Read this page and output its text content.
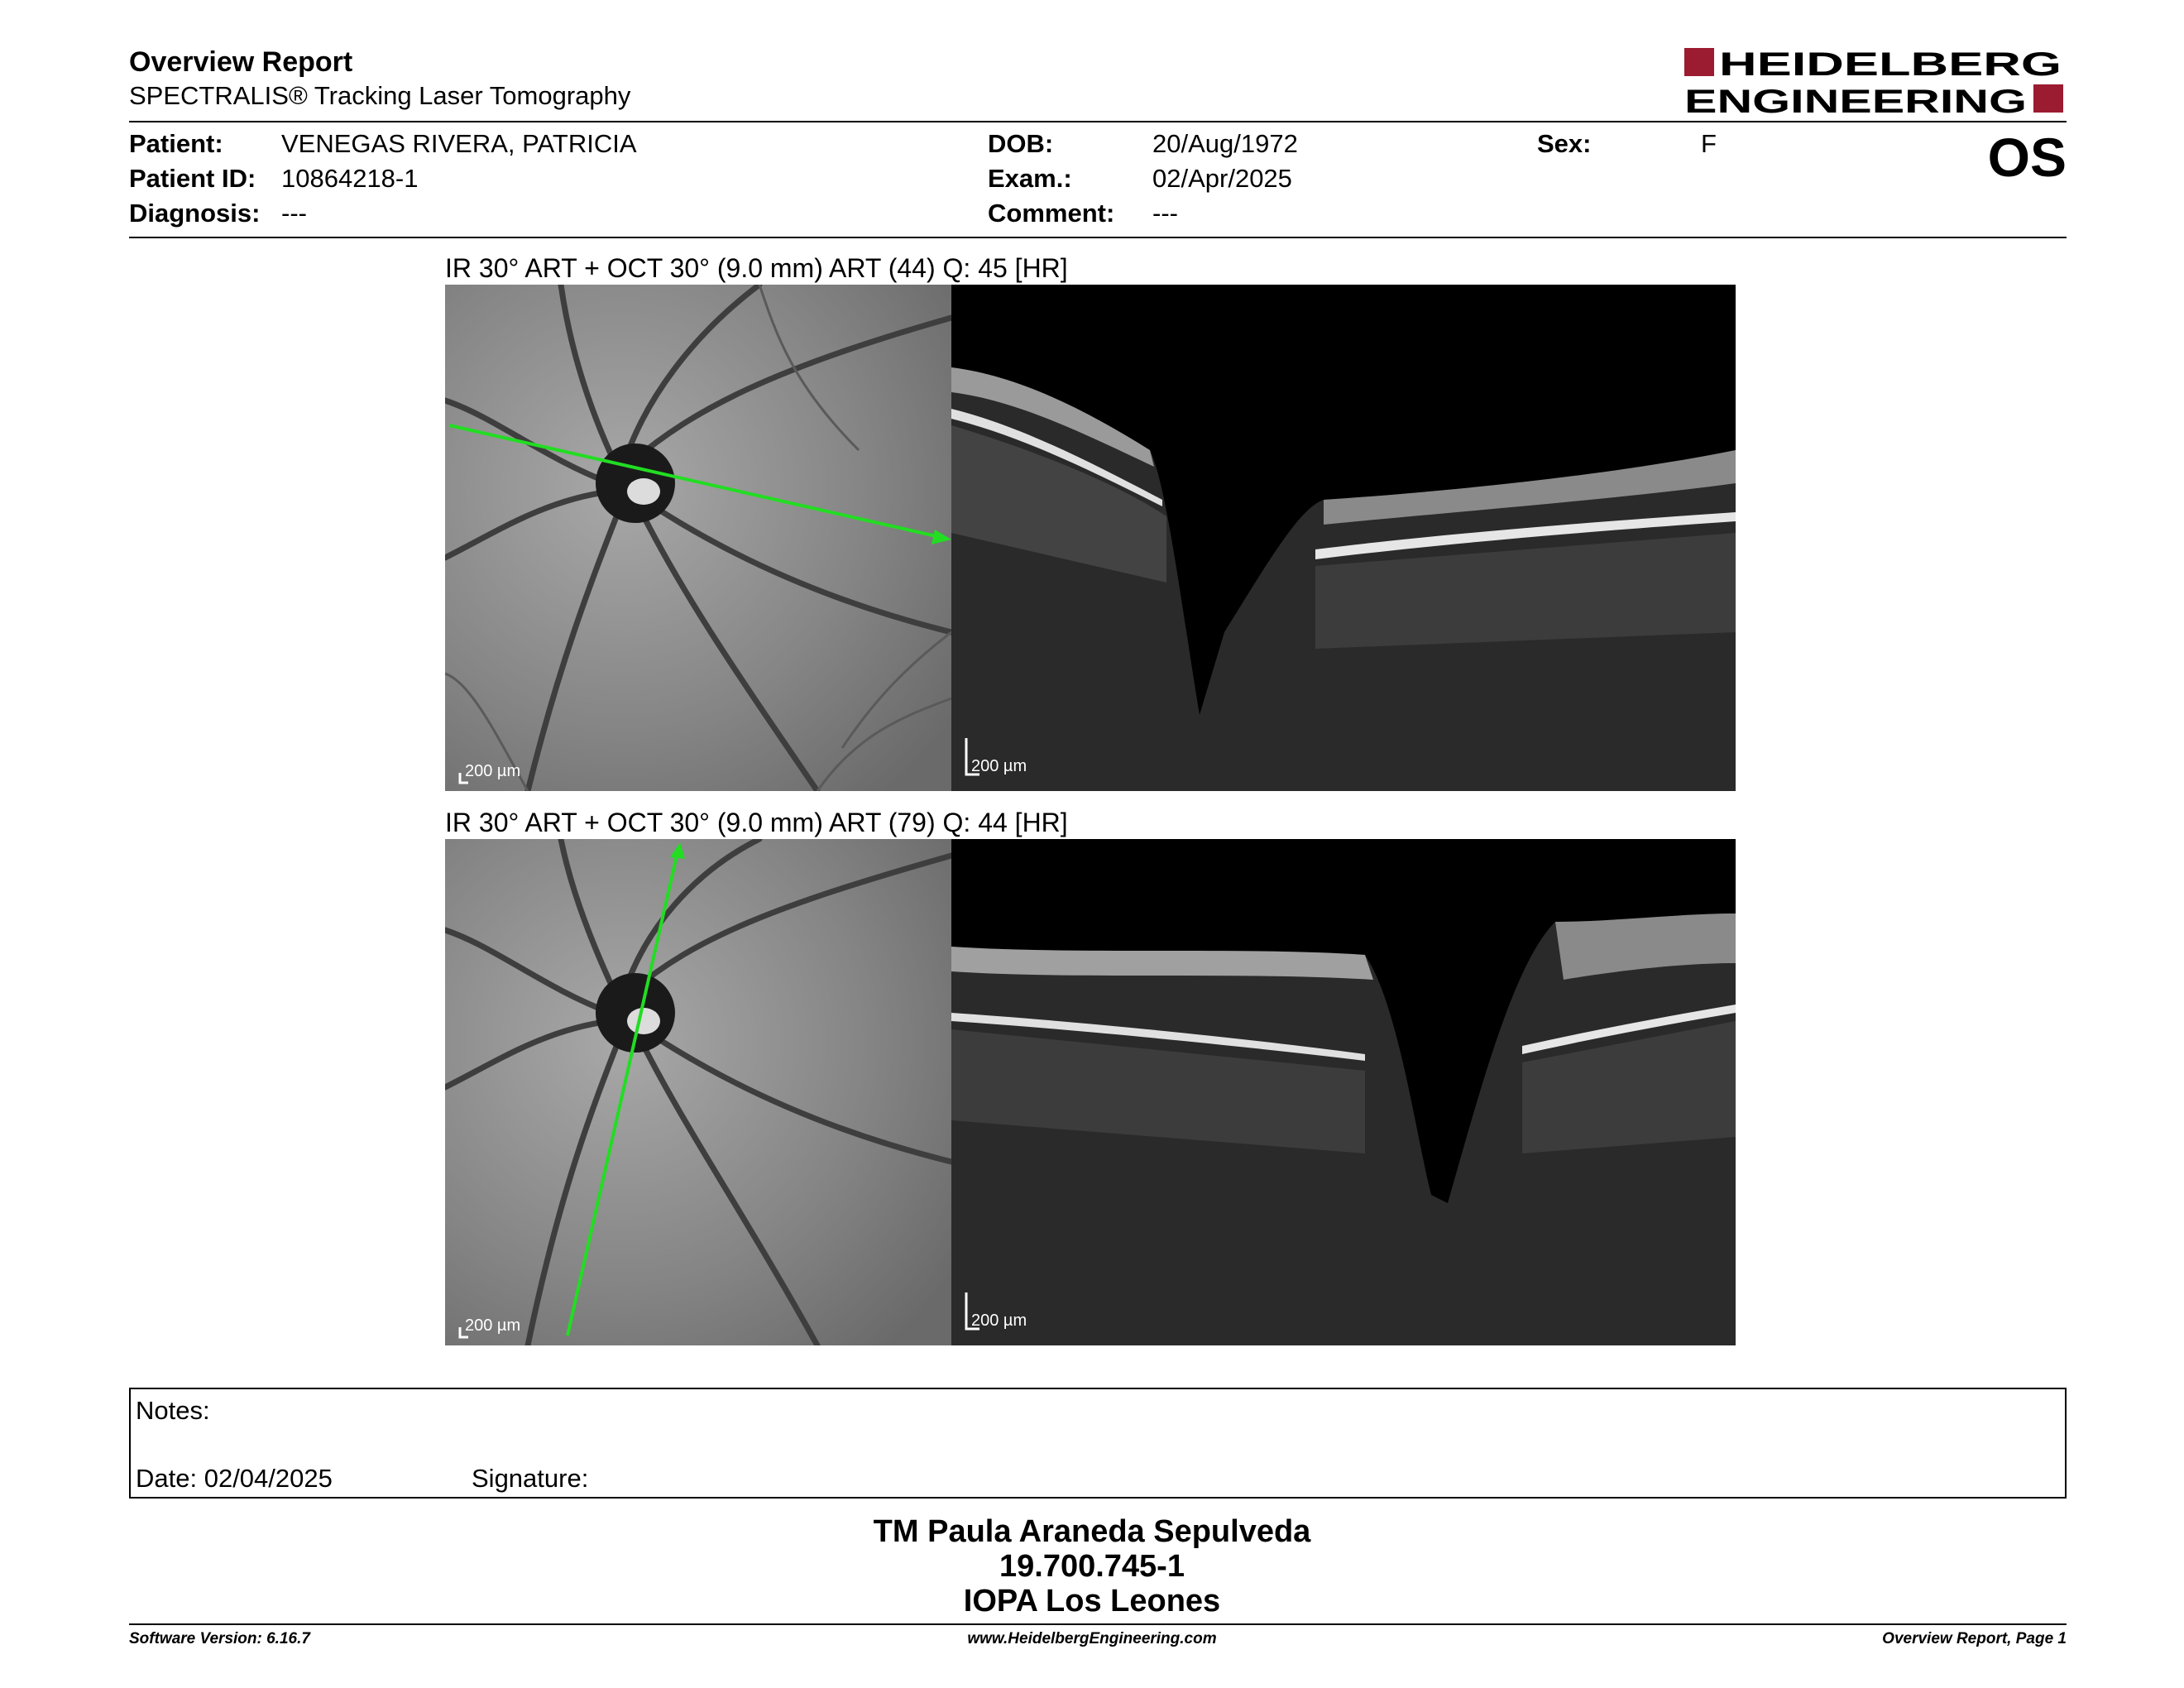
Overview Report
SPECTRALIS® Tracking Laser Tomography
HEIDELBERG
ENGINEERING
Patient: VENEGAS RIVERA, PATRICIA
Patient ID: 10864218-1
Diagnosis: ---
DOB:	20/Aug/1972
Exam.:	02/Apr/2025
Comment: ---
Sex:	F	OS
IR 30° ART + OCT 30° (9.0 mm) ART (44) Q: 45 [HR]
200 µm	200 µm
IR 30° ART + OCT 30° (9.0 mm) ART (79) Q: 44 [HR]
200 µm	200 µm
Notes:
Date: 02/04/2025	Signature:
TM Paula Araneda Sepulveda
19.700.745-1
IOPA Los Leones
Software Version: 6.16.7	www.HeidelbergEngineering.com	Overview Report, Page 1
